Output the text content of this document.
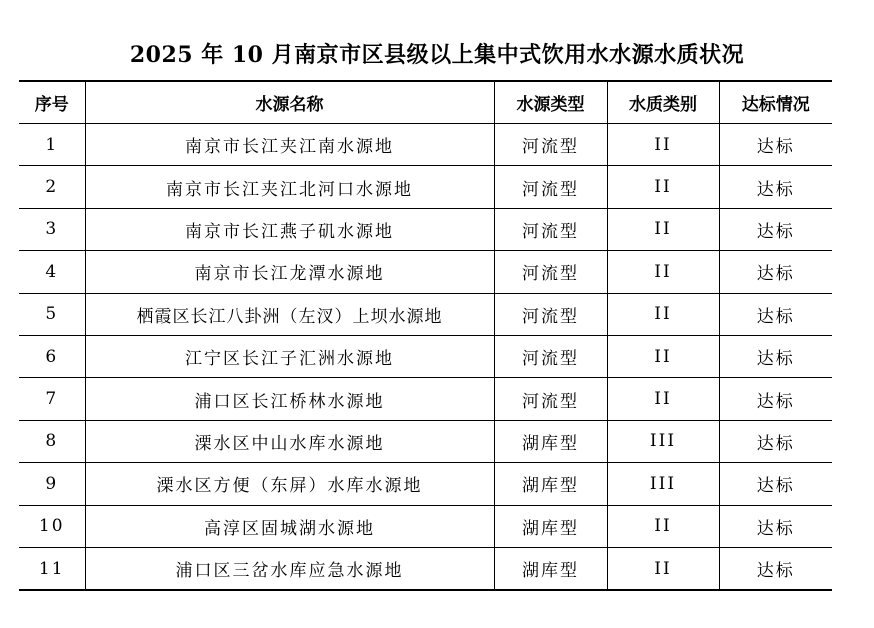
2025 年 10 月南京市区县级以上集中式饮用水水源水质状况
序号	水源名称	水源类型	水质类别	达标情况
1	南京市长江夹江南水源地	河流型	II	达标
2	南京市长江夹江北河口水源地	河流型	II	达标
3	南京市长江燕子矶水源地	河流型	II	达标
4	南京市长江龙潭水源地	河流型	II	达标
5	栖霞区长江八卦洲（左汊）上坝水源地	河流型	II	达标
6	江宁区长江子汇洲水源地	河流型	II	达标
7	浦口区长江桥林水源地	河流型	II	达标
8	溧水区中山水库水源地	湖库型	III	达标
9	溧水区方便（东屏）水库水源地	湖库型	III	达标
10	高淳区固城湖水源地	湖库型	II	达标
11	浦口区三岔水库应急水源地	湖库型	II	达标
